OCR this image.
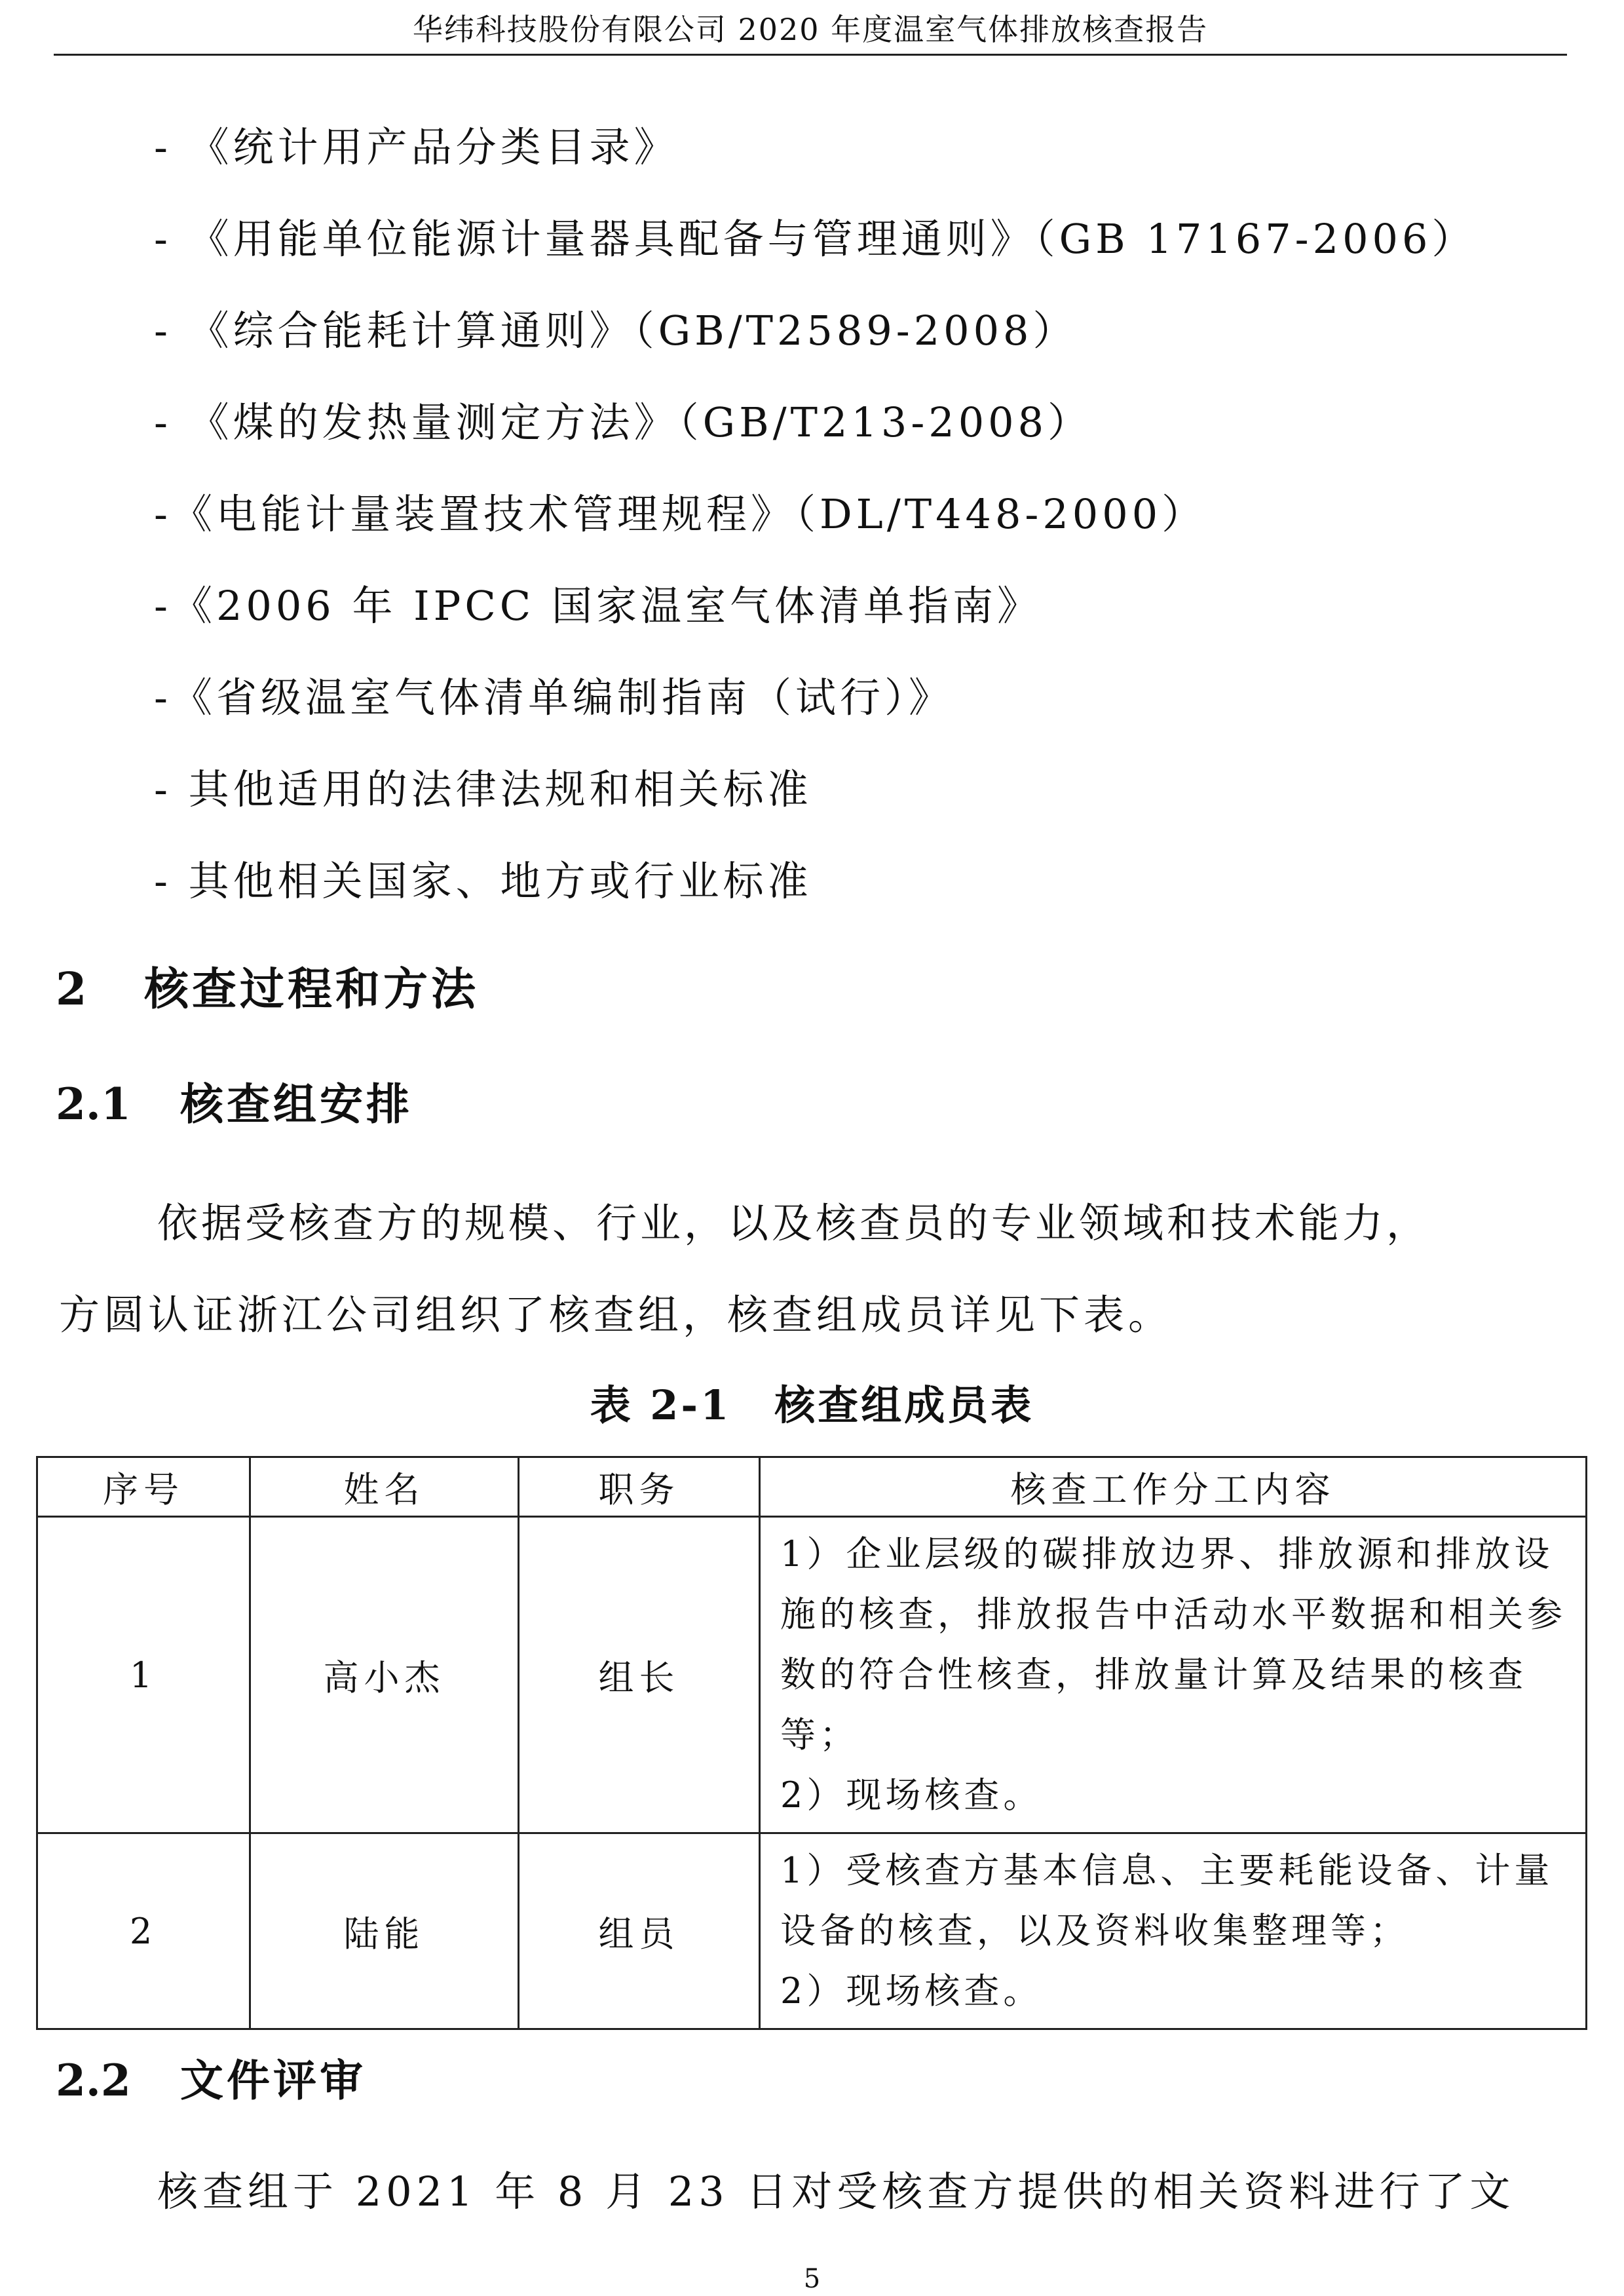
华纬科技股份有限公司 2020 年度温室气体排放核查报告
- 《统计用产品分类目录》
- 《用能单位能源计量器具配备与管理通则》（GB 17167-2006）
- 《综合能耗计算通则》（GB/T2589-2008）
- 《煤的发热量测定方法》（GB/T213-2008）
-《电能计量装置技术管理规程》（DL/T448-2000）
-《2006 年 IPCC 国家温室气体清单指南》
-《省级温室气体清单编制指南（试行）》
- 其他适用的法律法规和相关标准
- 其他相关国家、地方或行业标准
2 核查过程和方法
2.1 核查组安排

依据受核查方的规模、行业，以及核查员的专业领域和技术能力，

方圆认证浙江公司组织了核查组，核查组成员详见下表。

表 2-1　核查组成员表
序号	姓名	职务	核查工作分工内容
1	高小杰	组长	1）企业层级的碳排放边界、排放源和排放设施的核查，排放报告中活动水平数据和相关参数的符合性核查，排放量计算及结果的核查等；
2）现场核查。

2	陆能	组员	1）受核查方基本信息、主要耗能设备、计量设备的核查，以及资料收集整理等；
2）现场核查。
2.2 文件评审

核查组于 2021 年 8 月 23 日对受核查方提供的相关资料进行了文

5
